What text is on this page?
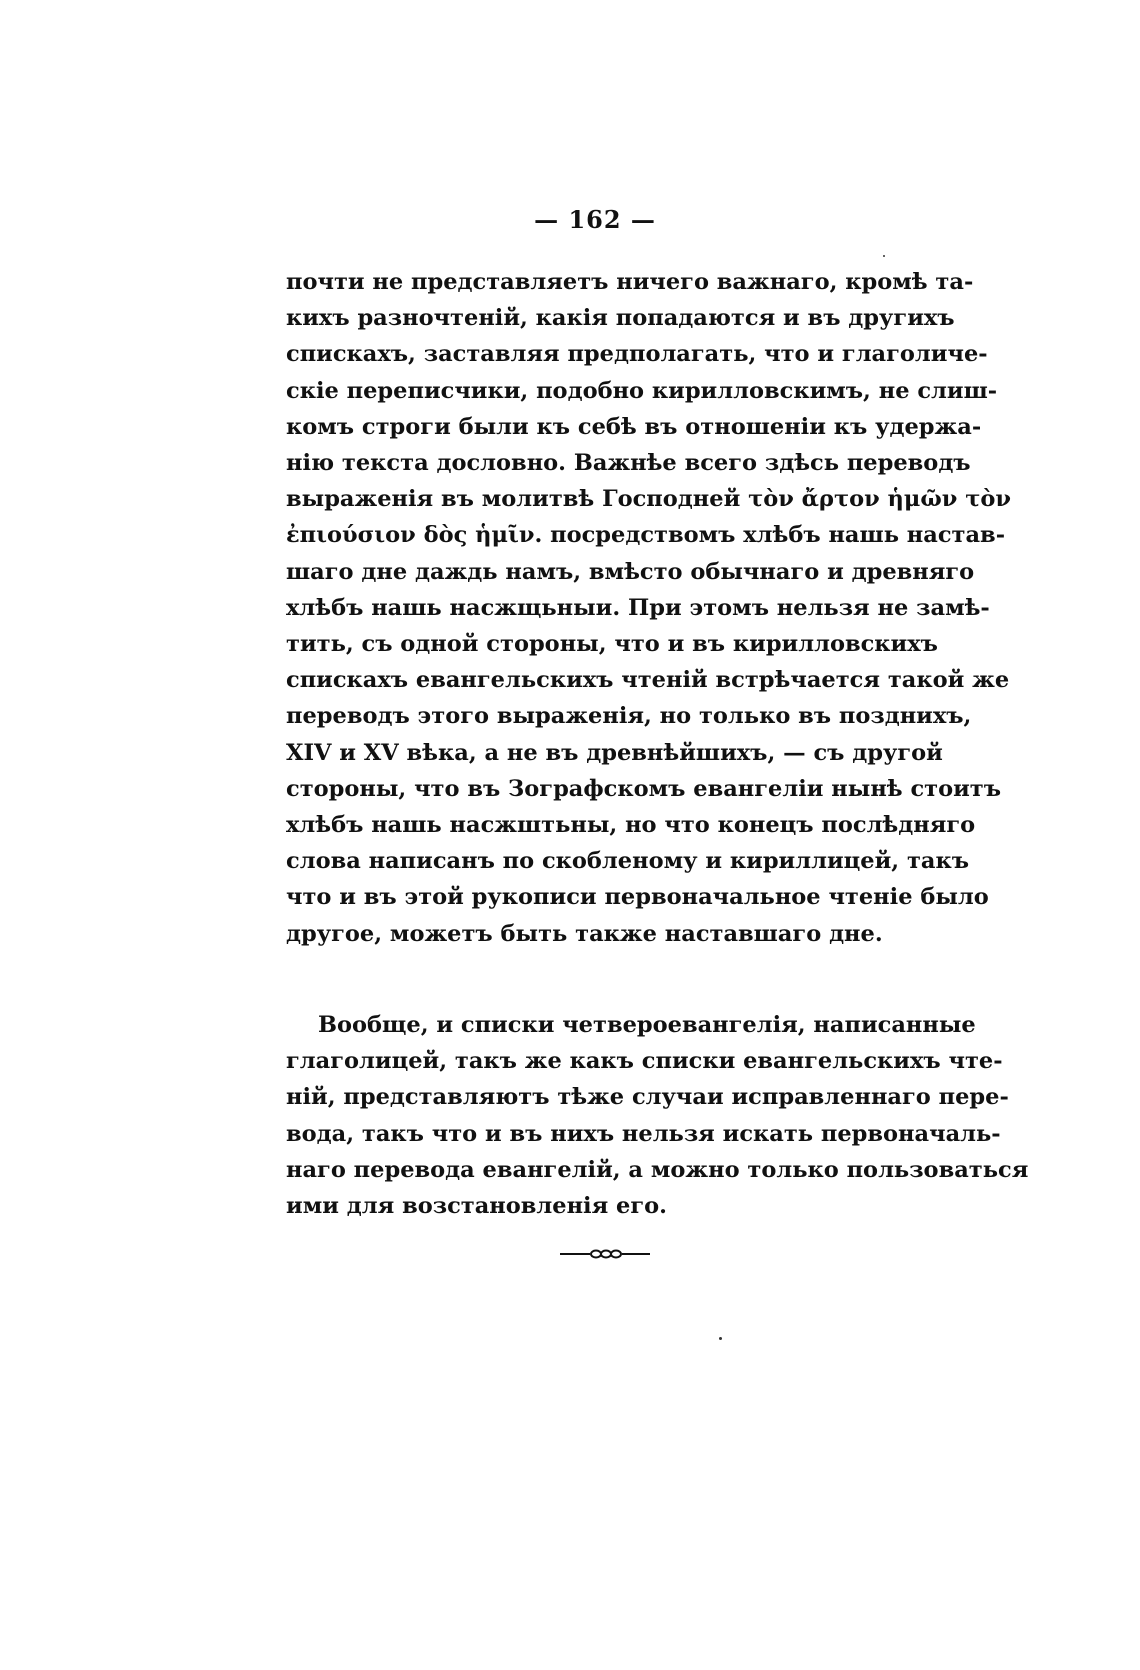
— 162 —
почти не представляетъ ничего важнаго, кромѣ та-
кихъ разночтеній, какія попадаются и въ другихъ
спискахъ, заставляя предполагать, что и глаголиче-
скіе переписчики, подобно кирилловскимъ, не слиш-
комъ строги были къ себѣ въ отношеніи къ удержа-
нію текста дословно. Важнѣе всего здѣсь переводъ
выраженія въ молитвѣ Господней τὸν ἄρτον ἡμῶν τὸν
ἐπιούσιον δὸς ἡμῖν. посредствомъ хлѣбъ нашь настав-
шаго дне даждь намъ, вмѣсто обычнаго и древняго
хлѣбъ нашь насжщьныи. При этомъ нельзя не замѣ-
тить, съ одной стороны, что и въ кирилловскихъ
спискахъ евангельскихъ чтеній встрѣчается такой же
переводъ этого выраженія, но только въ позднихъ,
XIV и XV вѣка, а не въ древнѣйшихъ, — съ другой
стороны, что въ Зографскомъ евангеліи нынѣ стоитъ
хлѣбъ нашь насжштьны, но что конецъ послѣдняго
слова написанъ по скобленому и кириллицей, такъ
что и въ этой рукописи первоначальное чтеніе было
другое, можетъ быть также наставшаго дне.
Вообще, и списки четвероевангелія, написанные
глаголицей, такъ же какъ списки евангельскихъ чте-
ній, представляютъ тѣже случаи исправленнаго пере-
вода, такъ что и въ нихъ нельзя искать первоначаль-
наго перевода евангелій, а можно только пользоваться
ими для возстановленія его.
